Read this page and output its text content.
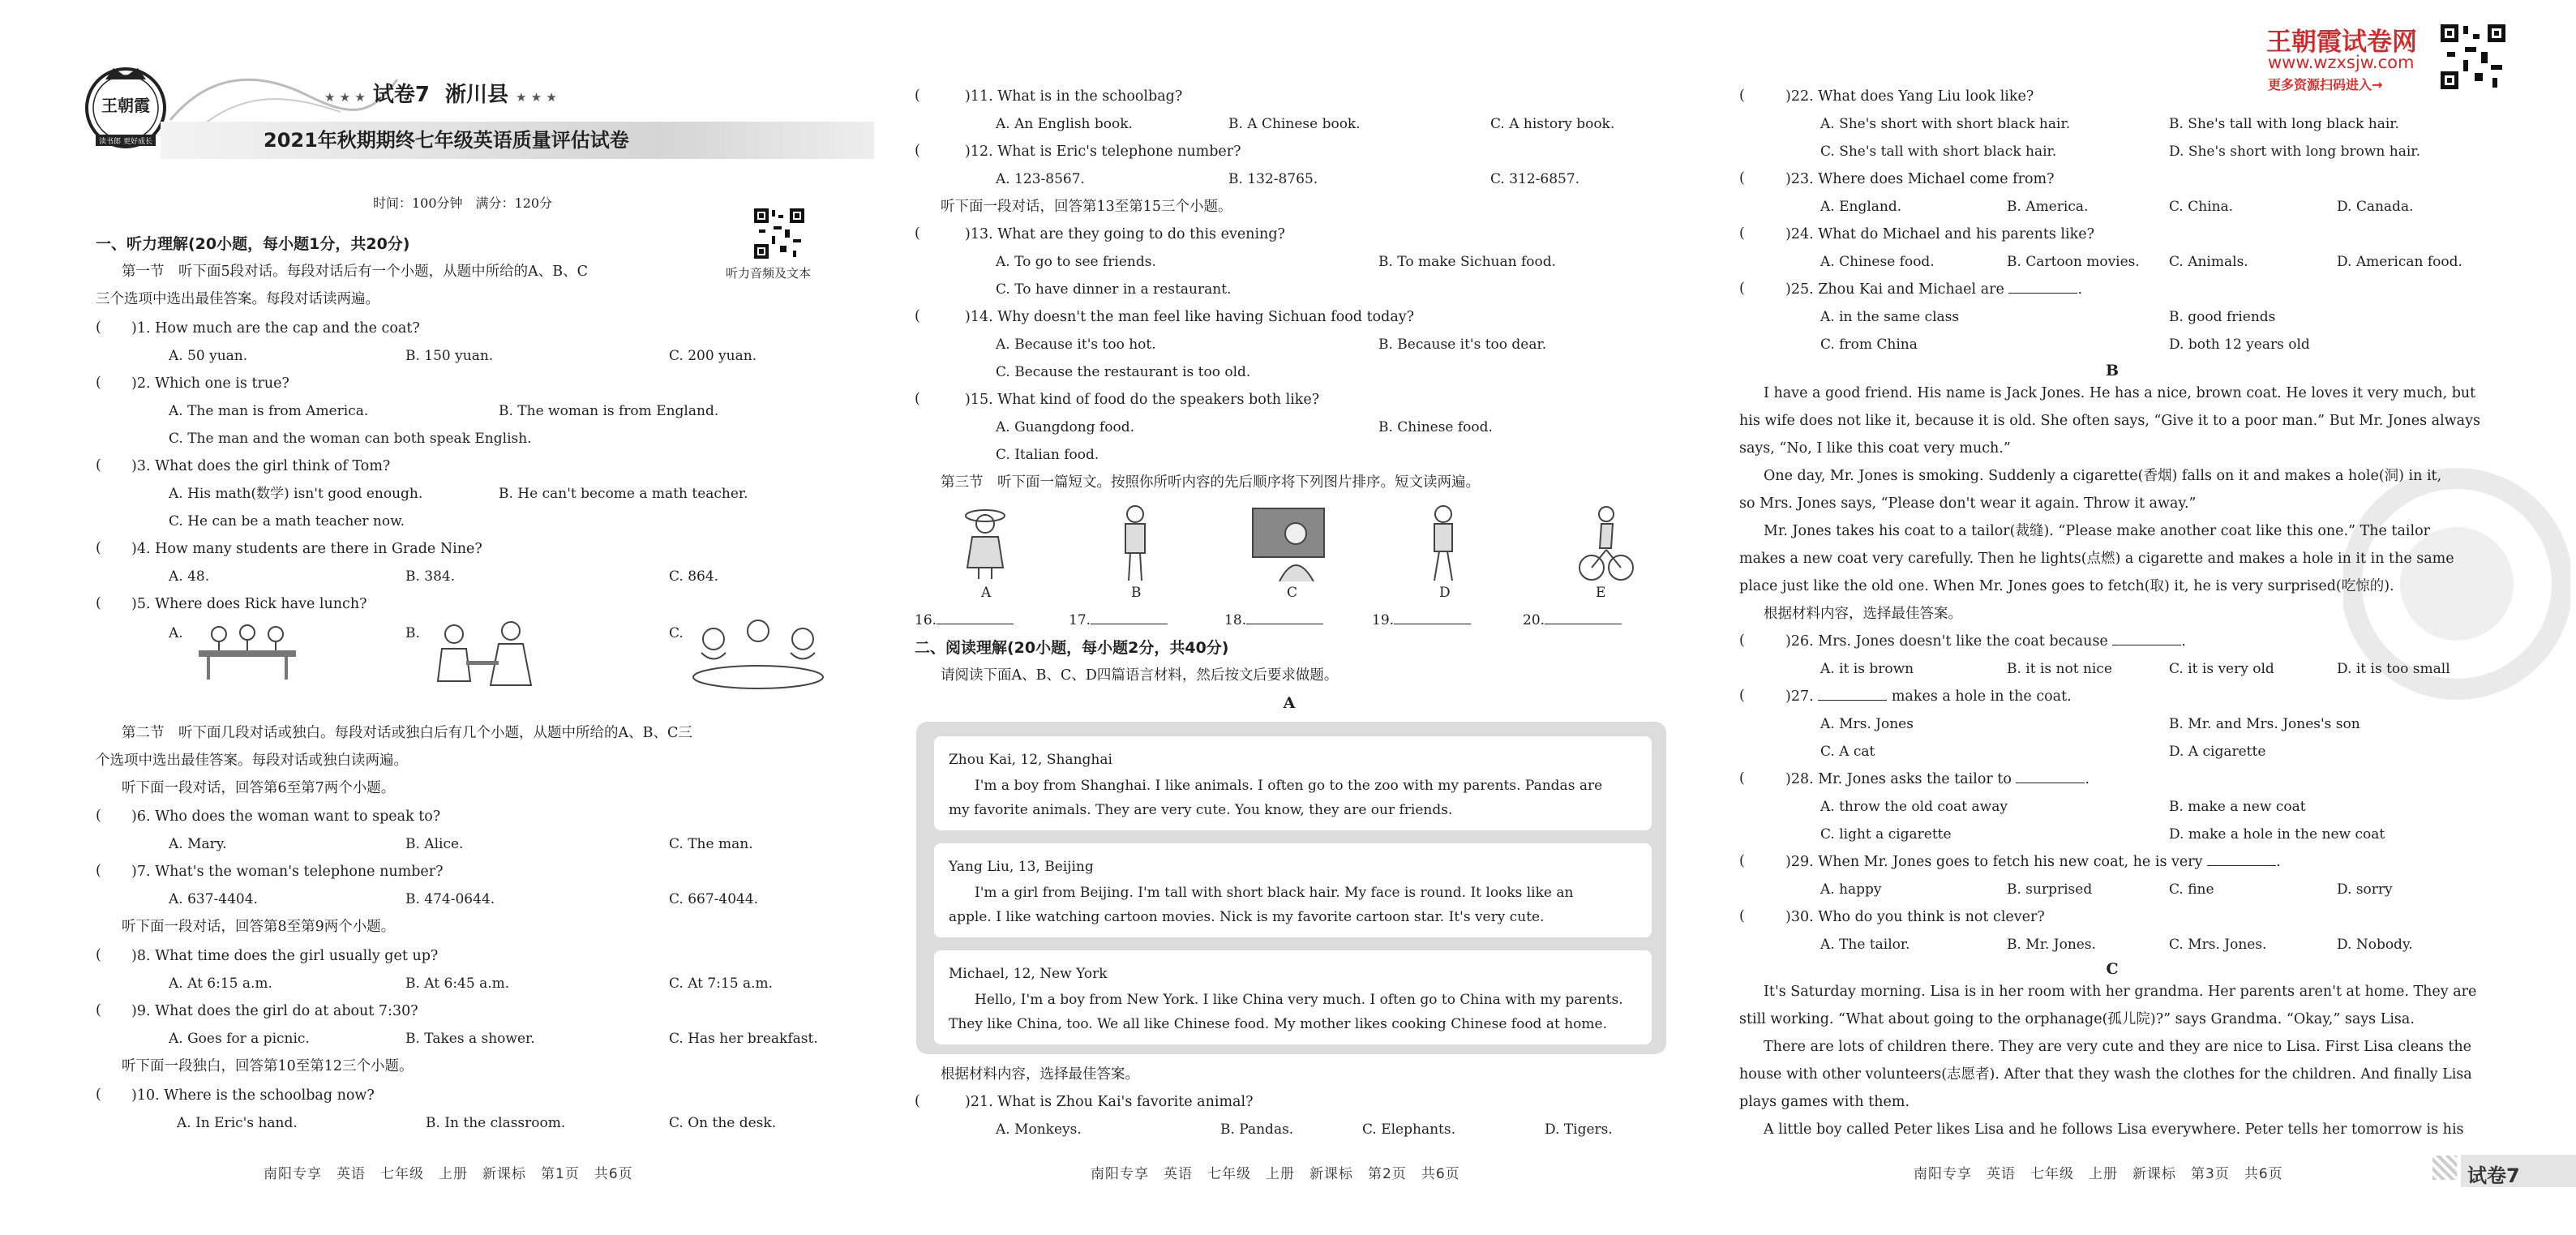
王朝霞
读书郎 更好成长
★ ★ ★ 试卷7 淅川县 ★ ★ ★
2021年秋期期终七年级英语质量评估试卷
时间：100分钟　满分：120分
听力音频及文本
一、听力理解(20小题，每小题1分，共20分)
第一节　听下面5段对话。每段对话后有一个小题，从题中所给的A、B、C
三个选项中选出最佳答案。每段对话读两遍。
( )1. How much are the cap and the coat?
A. 50 yuan.	B. 150 yuan.	C. 200 yuan.
( )2. Which one is true?
A. The man is from America.	B. The woman is from England.
C. The man and the woman can both speak English.
( )3. What does the girl think of Tom?
A. His math(数学) isn't good enough.	B. He can't become a math teacher.
C. He can be a math teacher now.
( )4. How many students are there in Grade Nine?
A. 48.	B. 384.	C. 864.
( )5. Where does Rick have lunch?
A.	B.	C.
第二节　听下面几段对话或独白。每段对话或独白后有几个小题，从题中所给的A、B、C三
个选项中选出最佳答案。每段对话或独白读两遍。
听下面一段对话，回答第6至第7两个小题。
( )6. Who does the woman want to speak to?
A. Mary.	B. Alice.	C. The man.
( )7. What's the woman's telephone number?
A. 637-4404.	B. 474-0644.	C. 667-4044.
听下面一段对话，回答第8至第9两个小题。
( )8. What time does the girl usually get up?
A. At 6:15 a.m.	B. At 6:45 a.m.	C. At 7:15 a.m.
( )9. What does the girl do at about 7:30?
A. Goes for a picnic.	B. Takes a shower.	C. Has her breakfast.
听下面一段独白，回答第10至第12三个小题。
( )10. Where is the schoolbag now?
A. In Eric's hand.	B. In the classroom.	C. On the desk.
南阳专享　英语　七年级　上册　新课标　第1页　共6页
(	)11. What is in the schoolbag?
A. An English book.	B. A Chinese book.	C. A history book.
(	)12. What is Eric's telephone number?
A. 123-8567.	B. 132-8765.	C. 312-6857.
听下面一段对话，回答第13至第15三个小题。
(	)13. What are they going to do this evening?
A. To go to see friends.	B. To make Sichuan food.
C. To have dinner in a restaurant.
(	)14. Why doesn't the man feel like having Sichuan food today?
A. Because it's too hot.	B. Because it's too dear.
C. Because the restaurant is too old.
(	)15. What kind of food do the speakers both like?
A. Guangdong food.	B. Chinese food.
C. Italian food.
第三节　听下面一篇短文。按照你所听内容的先后顺序将下列图片排序。短文读两遍。
A	B	C	D	E
16.	17.	18.	19.	20.
二、阅读理解(20小题，每小题2分，共40分)
请阅读下面A、B、C、D四篇语言材料，然后按文后要求做题。
A
Zhou Kai, 12, Shanghai
I'm a boy from Shanghai. I like animals. I often go to the zoo with my parents. Pandas are
my favorite animals. They are very cute. You know, they are our friends.
Yang Liu, 13, Beijing
I'm a girl from Beijing. I'm tall with short black hair. My face is round. It looks like an
apple. I like watching cartoon movies. Nick is my favorite cartoon star. It's very cute.
Michael, 12, New York
Hello, I'm a boy from New York. I like China very much. I often go to China with my parents.
They like China, too. We all like Chinese food. My mother likes cooking Chinese food at home.
根据材料内容，选择最佳答案。
(	)21. What is Zhou Kai's favorite animal?
A. Monkeys.	B. Pandas.	C. Elephants.	D. Tigers.
南阳专享　英语　七年级　上册　新课标　第2页　共6页
王朝霞试卷网
www.wzxsjw.com
更多资源扫码进入→
(	)22. What does Yang Liu look like?
A. She's short with short black hair.	B. She's tall with long black hair.
C. She's tall with short black hair.	D. She's short with long brown hair.
(	)23. Where does Michael come from?
A. England.	B. America.	C. China.	D. Canada.
(	)24. What do Michael and his parents like?
A. Chinese food.	B. Cartoon movies. C. Animals.	D. American food.
(	)25. Zhou Kai and Michael are	.
A. in the same class	B. good friends
C. from China	D. both 12 years old
B
I have a good friend. His name is Jack Jones. He has a nice, brown coat. He loves it very much, but
his wife does not like it, because it is old. She often says, “Give it to a poor man.” But Mr. Jones always
says, “No, I like this coat very much.”
One day, Mr. Jones is smoking. Suddenly a cigarette(香烟) falls on it and makes a hole(洞) in it,
so Mrs. Jones says, “Please don't wear it again. Throw it away.”
Mr. Jones takes his coat to a tailor(裁缝). “Please make another coat like this one.” The tailor
makes a new coat very carefully. Then he lights(点燃) a cigarette and makes a hole in it in the same
place just like the old one. When Mr. Jones goes to fetch(取) it, he is very surprised(吃惊的).
根据材料内容，选择最佳答案。
(	)26. Mrs. Jones doesn't like the coat because	.
A. it is brown	B. it is not nice	C. it is very old	D. it is too small
(	)27.	makes a hole in the coat.
A. Mrs. Jones	B. Mr. and Mrs. Jones's son
C. A cat	D. A cigarette
(	)28. Mr. Jones asks the tailor to	.
A. throw the old coat away	B. make a new coat
C. light a cigarette	D. make a hole in the new coat
(	)29. When Mr. Jones goes to fetch his new coat, he is very	.
A. happy	B. surprised	C. fine	D. sorry
(	)30. Who do you think is not clever?
A. The tailor.	B. Mr. Jones.	C. Mrs. Jones.	D. Nobody.
C
It's Saturday morning. Lisa is in her room with her grandma. Her parents aren't at home. They are
still working. “What about going to the orphanage(孤儿院)?” says Grandma. “Okay,” says Lisa.
There are lots of children there. They are very cute and they are nice to Lisa. First Lisa cleans the
house with other volunteers(志愿者). After that they wash the clothes for the children. And finally Lisa
plays games with them.
A little boy called Peter likes Lisa and he follows Lisa everywhere. Peter tells her tomorrow is his
南阳专享　英语　七年级　上册　新课标　第3页　共6页	试卷7
